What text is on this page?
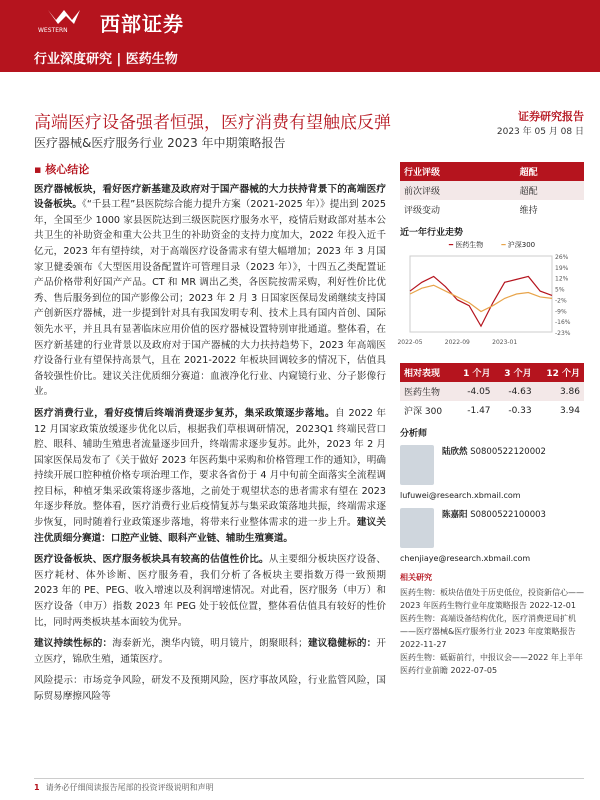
WESTERN 西部证券
行业深度研究 | 医药生物
高端医疗设备强者恒强，医疗消费有望触底反弹
医疗器械&医疗服务行业 2023 年中期策略报告
证券研究报告
2023 年 05 月 08 日
▪ 核心结论

医疗器械板块，看好医疗新基建及政府对于国产器械的大力扶持背景下的高端医疗设备板块。《“千县工程”县医院综合能力提升方案（2021-2025 年）》提出到 2025 年，全国至少 1000 家县医院达到三级医院医疗服务水平，疫情后财政部对基本公共卫生的补助资金和重大公共卫生的补助资金的支持力度加大，2022 年投入近千亿元，2023 年有望持续，对于高端医疗设备需求有望大幅增加；2023 年 3 月国家卫健委颁布《大型医用设备配置许可管理目录（2023 年）》，十四五乙类配置证产品价格带利好国产产品。CT 和 MR 调出乙类，各医院按需采购，利好性价比优秀、售后服务到位的国产影像公司；2023 年 2 月 3 日国家医保局发函继续支持国产创新医疗器械，进一步提到针对具有我国发明专利、技术上具有国内首创、国际领先水平，并且具有显著临床应用价值的医疗器械设置特别审批通道。整体看，在医疗新基建的行业背景以及政府对于国产器械的大力扶持趋势下，2023 年高端医疗设备行业有望保持高景气，且在 2021-2022 年板块回调较多的情况下，估值具备较强性价比。建议关注优质细分赛道：血液净化行业、内窥镜行业、分子影像行业。

医疗消费行业，看好疫情后终端消费逐步复苏，集采政策逐步落地。自 2022 年 12 月国家政策放缓逐步优化以后，根据我们草根调研情况，2023Q1 终端民营口腔、眼科、辅助生殖患者流量逐步回升，终端需求逐步复苏。此外，2023 年 2 月国家医保局发布了《关于做好 2023 年医药集中采购和价格管理工作的通知》，明确持续开展口腔种植价格专项治理工作，要求各省份于 4 月中旬前全面落实全流程调控目标，种植牙集采政策将逐步落地，之前处于观望状态的患者需求有望在 2023 年逐步释放。整体看，医疗消费行业后疫情复苏与集采政策落地共振，终端需求逐步恢复，同时随着行业政策逐步落地，将带来行业整体需求的进一步上升。建议关注优质细分赛道：口腔产业链、眼科产业链、辅助生殖赛道。

医疗设备板块、医疗服务板块具有较高的估值性价比。从主要细分板块医疗设备、医疗耗材、体外诊断、医疗服务看，我们分析了各板块主要指数万得一致预期 2023 年的 PE、PEG、收入增速以及利润增速情况。对此看，医疗服务（申万）和医疗设备（申万）指数 2023 年 PEG 处于较低位置，整体看估值具有较好的性价比，同时两类板块基本面较为优异。

建议持续性标的：海泰新光，澳华内镜，明月镜片，朗聚眼科；建议稳健标的：开立医疗，锦欣生殖，通策医疗。

风险提示：市场竞争风险，研发不及预期风险，医疗事故风险，行业监管风险，国际贸易摩擦风险等

行业评级	超配
前次评级	超配
评级变动	维持
近一年行业走势
━ 医药生物	━ 沪深300
26%
19%
12%
5%
-2%
-9%
-16%
-23%
2022-05	2022-09	2023-01
相对表现	1 个月	3 个月	12 个月
医药生物	-4.05	-4.63	3.86
沪深 300	-1.47	-0.33	3.94
分析师
陆欣然 S0800522120002
lufuwei@research.xbmail.com
陈嘉阳 S0800522100003
chenjiaye@research.xbmail.com
相关研究
医药生物：板块估值处于历史低位，投资新信心——2023 年医药生物行业年度策略报告 2022-12-01
医药生物：高端设备结构优化，医疗消费逆局扩机——医疗器械&医疗服务行业 2023 年度策略报告 2022-11-27
医药生物：砥砺前行，中报议会——2022 年上半年医药行业前瞻 2022-07-05
1 请务必仔细阅读报告尾部的投资评级说明和声明
